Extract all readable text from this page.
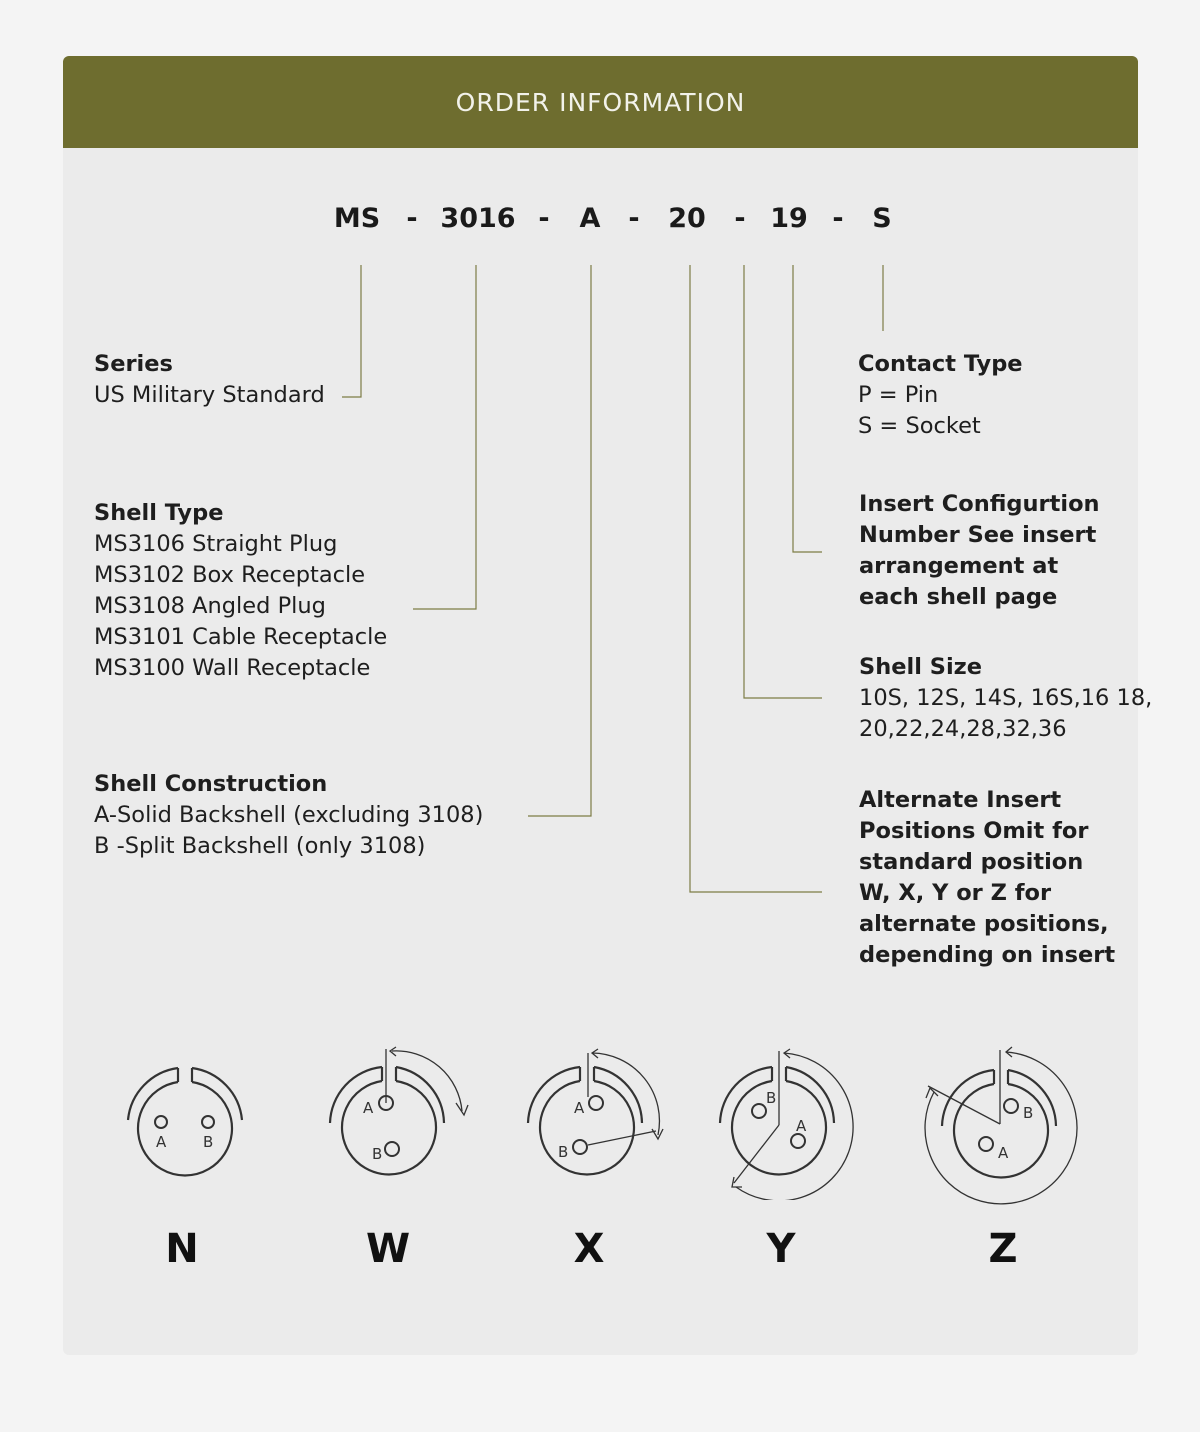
ORDER INFORMATION
MS - 3016 - A - 20 - 19 - S
Series
US Military Standard
Shell Type
MS3106 Straight Plug
MS3102 Box Receptacle
MS3108 Angled Plug
MS3101 Cable Receptacle
MS3100 Wall Receptacle
Shell Construction
A-Solid Backshell (excluding 3108)
B -Split Backshell (only 3108)
Contact Type
P = Pin
S = Socket
Insert Configurtion
Number See insert
arrangement at
each shell page
Shell Size
10S, 12S, 14S, 16S,16 18,
20,22,24,28,32,36
Alternate Insert
Positions Omit for
standard position
W, X, Y or Z for
alternate positions,
depending on insert
A B
N
A
B
W
A
B
X
B
A
Y
B
A
Z
